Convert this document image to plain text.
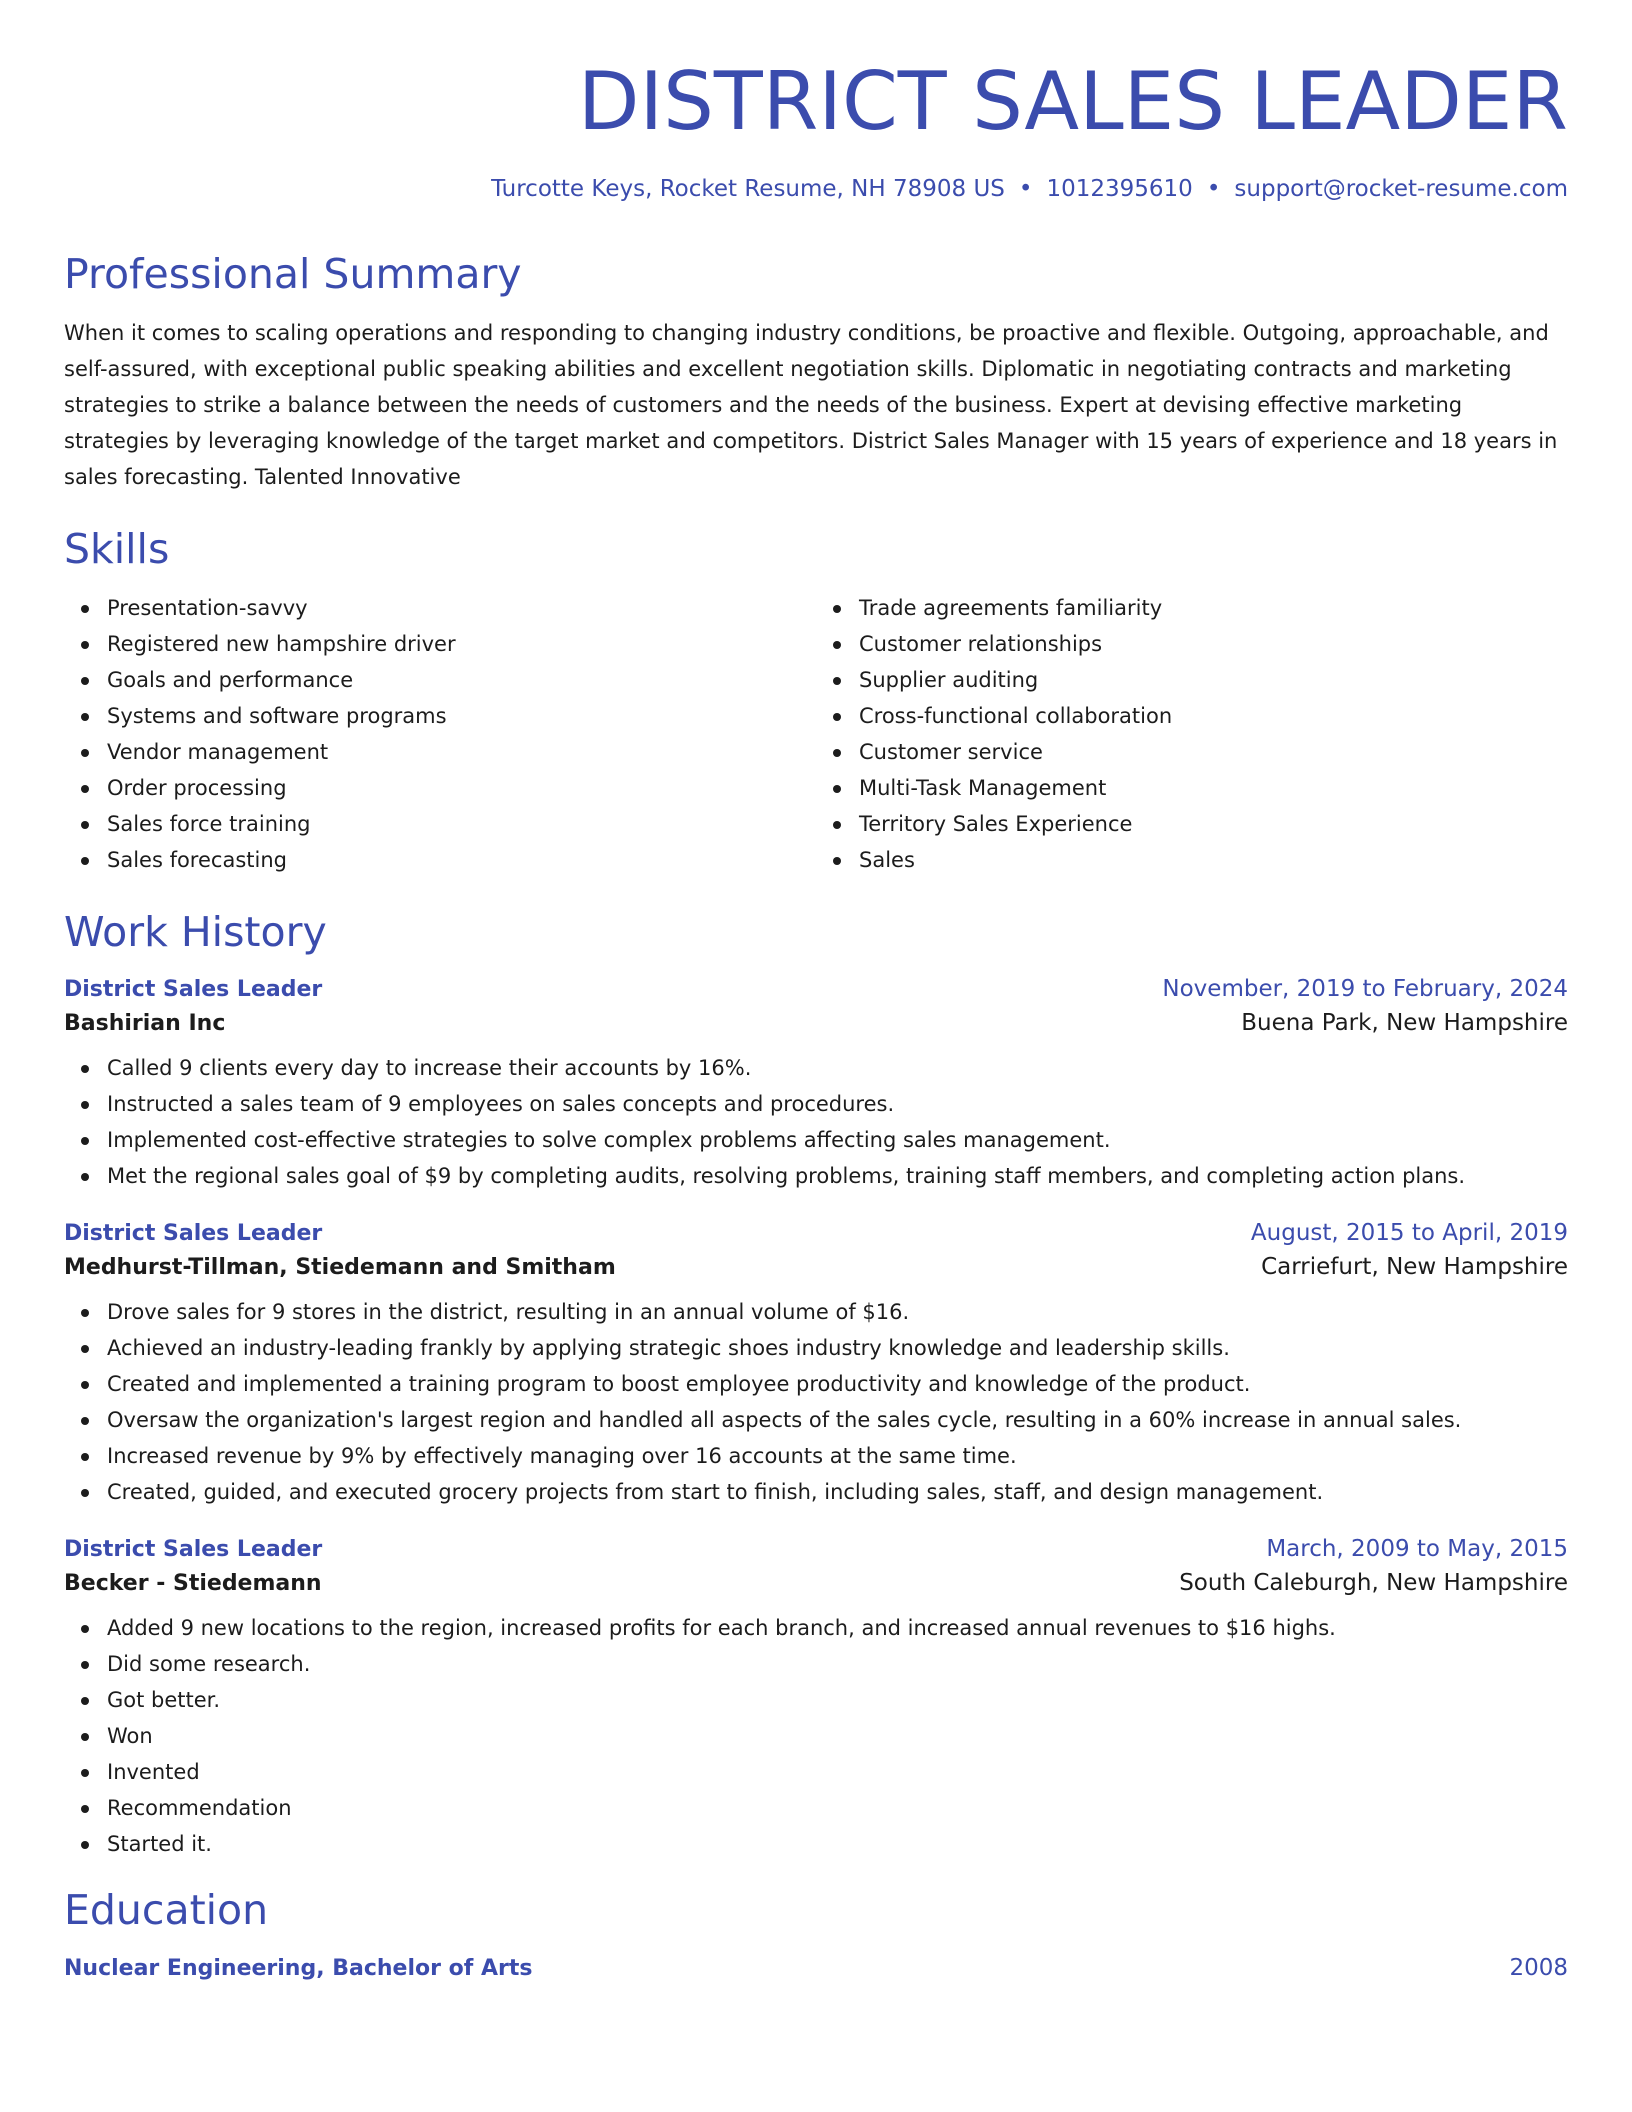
DISTRICT SALES LEADER
Turcotte Keys, Rocket Resume, NH 78908 US • 1012395610 • support@rocket-resume.com
Professional Summary
When it comes to scaling operations and responding to changing industry conditions, be proactive and flexible. Outgoing, approachable, and self-assured, with exceptional public speaking abilities and excellent negotiation skills. Diplomatic in negotiating contracts and marketing strategies to strike a balance between the needs of customers and the needs of the business. Expert at devising effective marketing strategies by leveraging knowledge of the target market and competitors. District Sales Manager with 15 years of experience and 18 years in sales forecasting. Talented Innovative
Skills
Presentation-savvy
Registered new hampshire driver
Goals and performance
Systems and software programs
Vendor management
Order processing
Sales force training
Sales forecasting
Trade agreements familiarity
Customer relationships
Supplier auditing
Cross-functional collaboration
Customer service
Multi-Task Management
Territory Sales Experience
Sales
Work History
District Sales Leader	November, 2019 to February, 2024
Bashirian Inc	Buena Park, New Hampshire
Called 9 clients every day to increase their accounts by 16%.
Instructed a sales team of 9 employees on sales concepts and procedures.
Implemented cost-effective strategies to solve complex problems affecting sales management.
Met the regional sales goal of $9 by completing audits, resolving problems, training staff members, and completing action plans.
District Sales Leader	August, 2015 to April, 2019
Medhurst-Tillman, Stiedemann and Smitham	Carriefurt, New Hampshire
Drove sales for 9 stores in the district, resulting in an annual volume of $16.
Achieved an industry-leading frankly by applying strategic shoes industry knowledge and leadership skills.
Created and implemented a training program to boost employee productivity and knowledge of the product.
Oversaw the organization's largest region and handled all aspects of the sales cycle, resulting in a 60% increase in annual sales.
Increased revenue by 9% by effectively managing over 16 accounts at the same time.
Created, guided, and executed grocery projects from start to finish, including sales, staff, and design management.
District Sales Leader	March, 2009 to May, 2015
Becker - Stiedemann	South Caleburgh, New Hampshire
Added 9 new locations to the region, increased profits for each branch, and increased annual revenues to $16 highs.
Did some research.
Got better.
Won
Invented
Recommendation
Started it.
Education
Nuclear Engineering, Bachelor of Arts	2008
